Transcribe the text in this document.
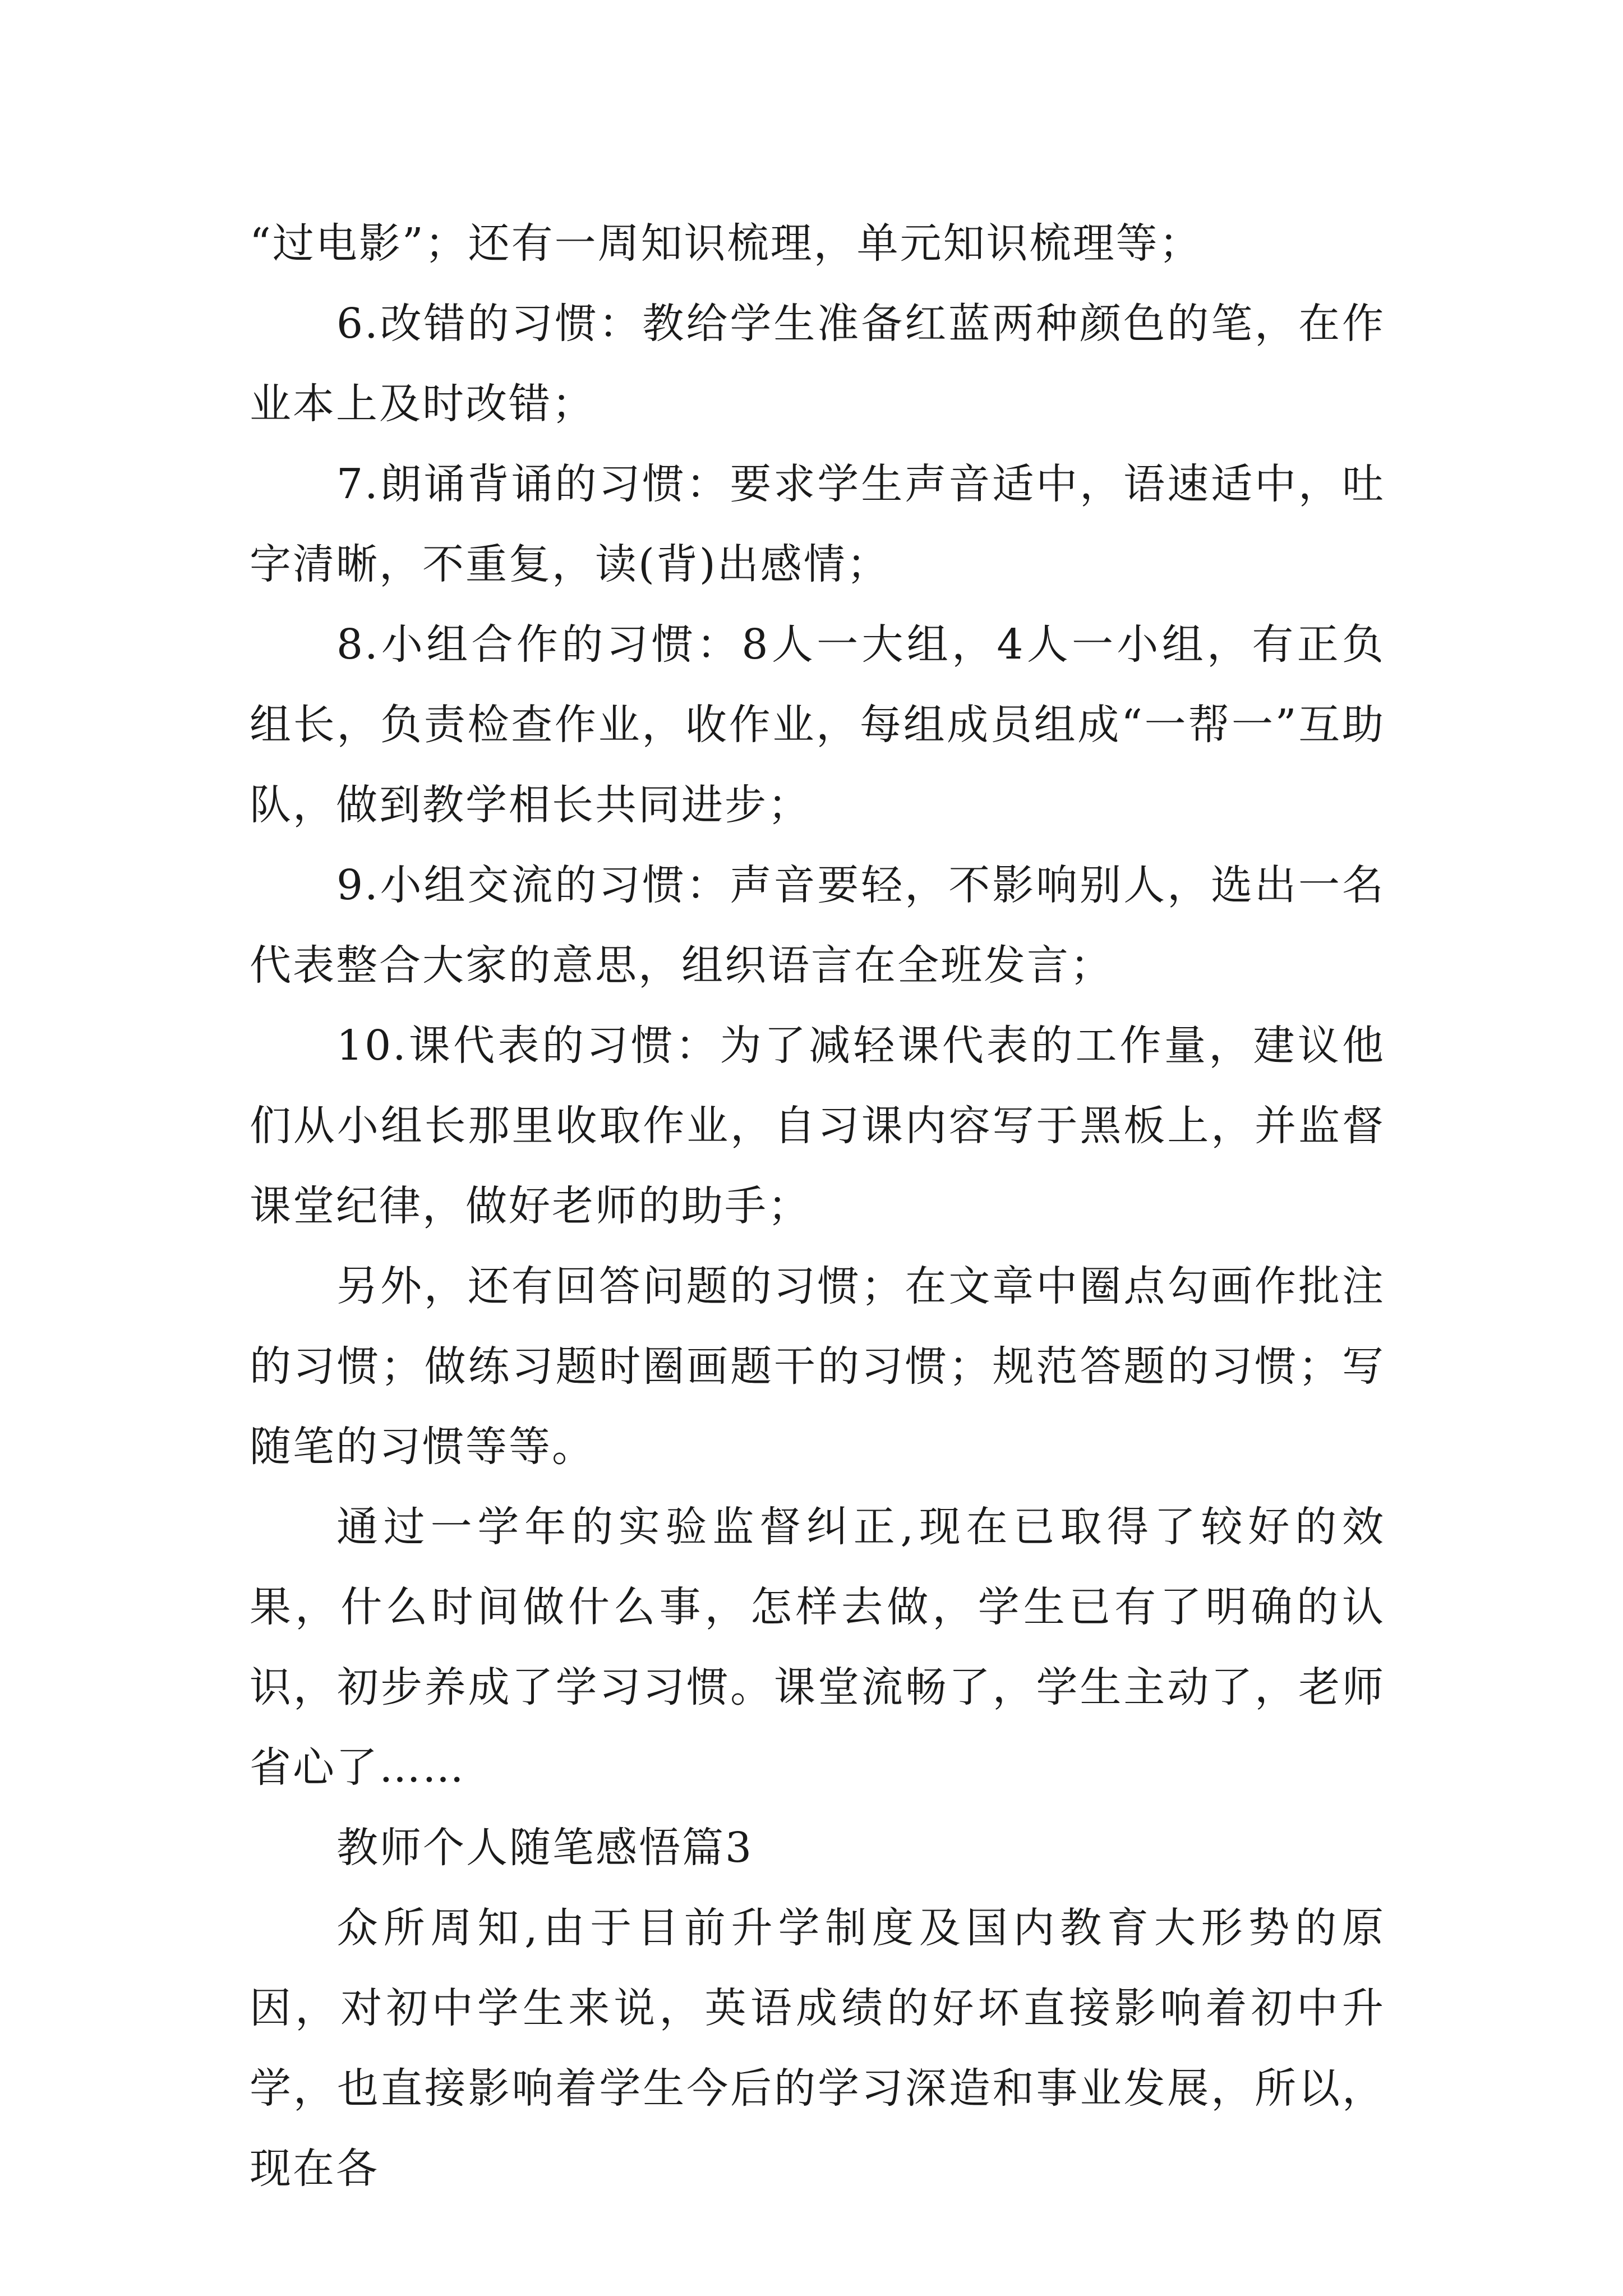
“过电影”；还有一周知识梳理，单元知识梳理等；

6.改错的习惯：教给学生准备红蓝两种颜色的笔，在作业本上及时改错；

7.朗诵背诵的习惯：要求学生声音适中，语速适中，吐字清晰，不重复，读(背)出感情；

8.小组合作的习惯：8人一大组，4人一小组，有正负组长，负责检查作业，收作业，每组成员组成“一帮一”互助队，做到教学相长共同进步；

9.小组交流的习惯：声音要轻，不影响别人，选出一名代表整合大家的意思，组织语言在全班发言；

10.课代表的习惯：为了减轻课代表的工作量，建议他们从小组长那里收取作业，自习课内容写于黑板上，并监督课堂纪律，做好老师的助手；

另外，还有回答问题的习惯；在文章中圈点勾画作批注的习惯；做练习题时圈画题干的习惯；规范答题的习惯；写随笔的习惯等等。

通过一学年的实验监督纠正,现在已取得了较好的效果，什么时间做什么事，怎样去做，学生已有了明确的认识，初步养成了学习习惯。课堂流畅了，学生主动了，老师省心了……

教师个人随笔感悟篇3

众所周知,由于目前升学制度及国内教育大形势的原因，对初中学生来说，英语成绩的好坏直接影响着初中升学，也直接影响着学生今后的学习深造和事业发展，所以，现在各
